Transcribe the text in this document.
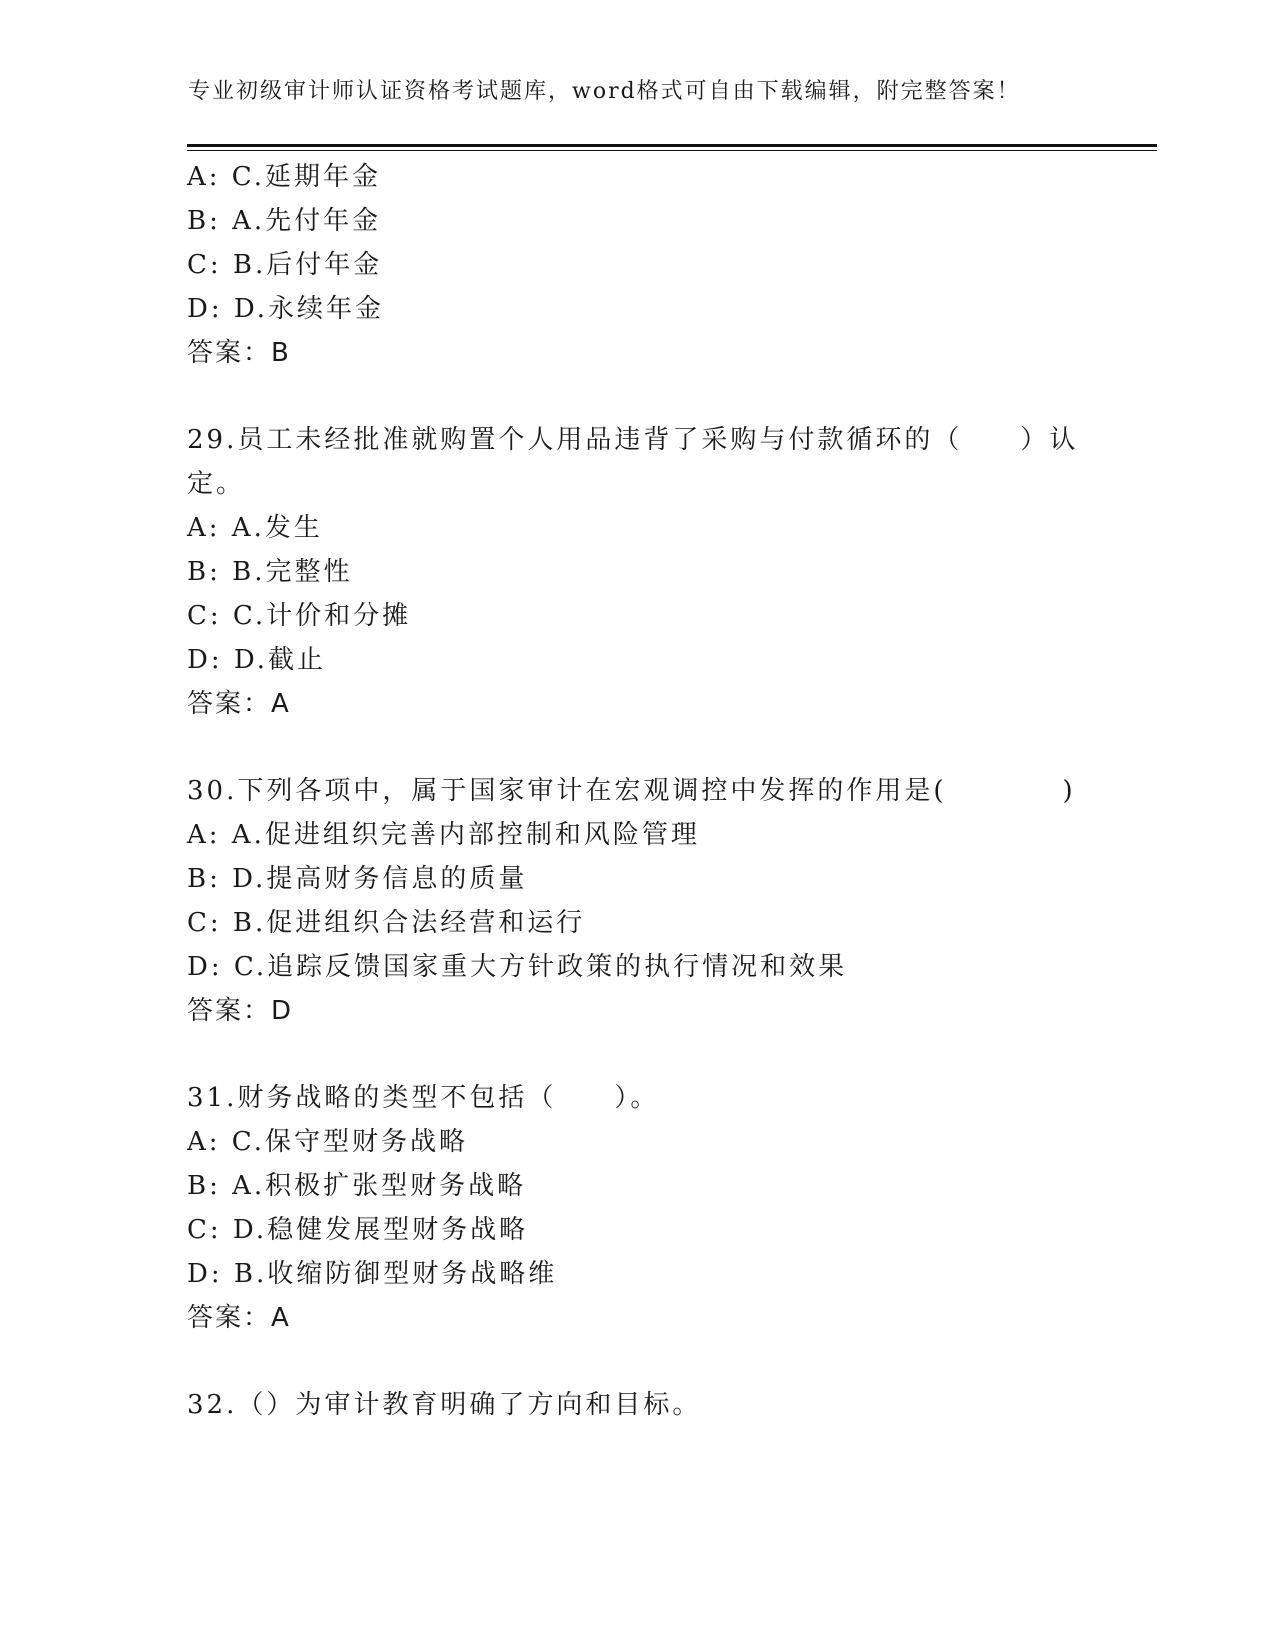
专业初级审计师认证资格考试题库，word格式可自由下载编辑，附完整答案！
A: C.延期年金
B: A.先付年金
C: B.后付年金
D: D.永续年金
答案：B
29.员工未经批准就购置个人用品违背了采购与付款循环的（　　）认
定。
A: A.发生
B: B.完整性
C: C.计价和分摊
D: D.截止
答案：A
30.下列各项中，属于国家审计在宏观调控中发挥的作用是(　　　　)
A: A.促进组织完善内部控制和风险管理
B: D.提高财务信息的质量
C: B.促进组织合法经营和运行
D: C.追踪反馈国家重大方针政策的执行情况和效果
答案：D
31.财务战略的类型不包括（　　）。
A: C.保守型财务战略
B: A.积极扩张型财务战略
C: D.稳健发展型财务战略
D: B.收缩防御型财务战略维
答案：A
32.（）为审计教育明确了方向和目标。
